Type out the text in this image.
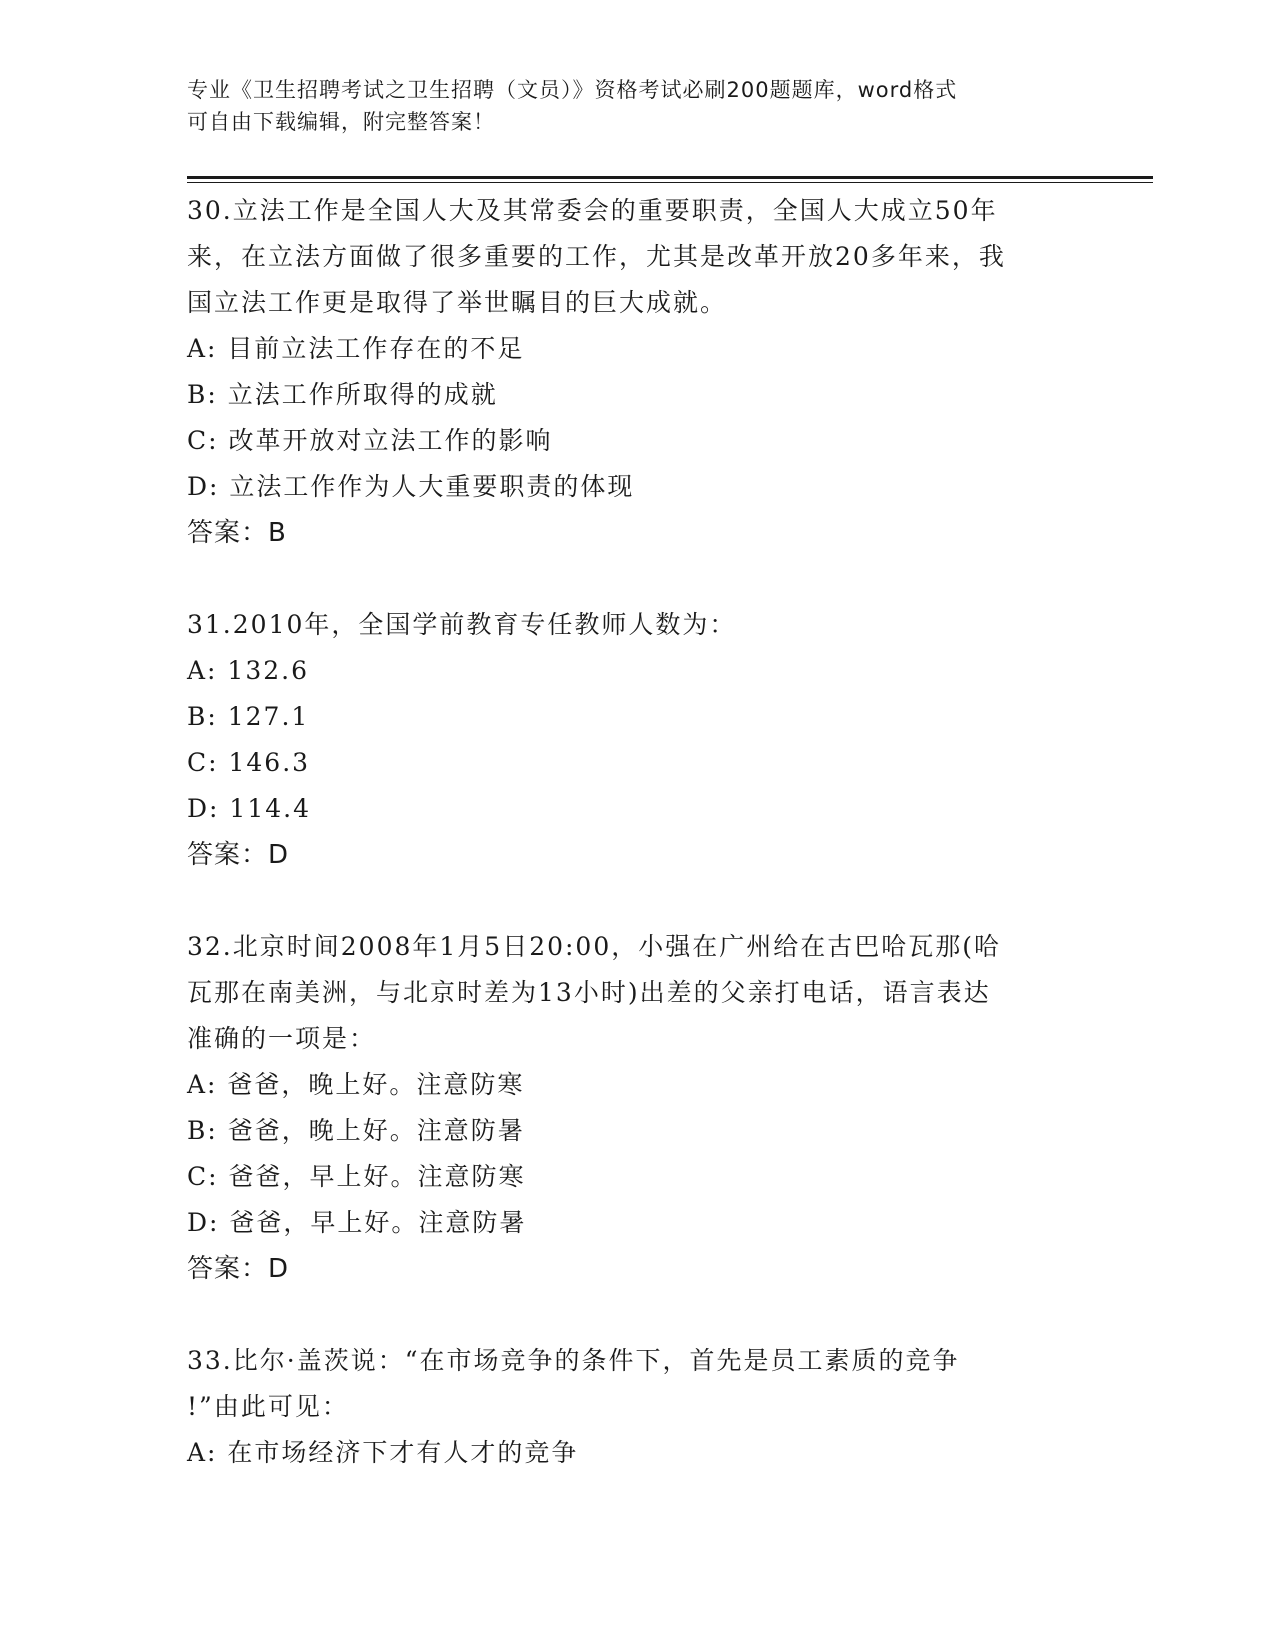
专业《卫生招聘考试之卫生招聘（文员）》资格考试必刷200题题库，word格式
可自由下载编辑，附完整答案！
30.立法工作是全国人大及其常委会的重要职责，全国人大成立50年
来，在立法方面做了很多重要的工作，尤其是改革开放20多年来，我
国立法工作更是取得了举世瞩目的巨大成就。
A: 目前立法工作存在的不足
B: 立法工作所取得的成就
C: 改革开放对立法工作的影响
D: 立法工作作为人大重要职责的体现
答案：B
31.2010年，全国学前教育专任教师人数为：
A: 132.6
B: 127.1
C: 146.3
D: 114.4
答案：D
32.北京时间2008年1月5日20:00，小强在广州给在古巴哈瓦那(哈
瓦那在南美洲，与北京时差为13小时)出差的父亲打电话，语言表达
准确的一项是：
A: 爸爸，晚上好。注意防寒
B: 爸爸，晚上好。注意防暑
C: 爸爸，早上好。注意防寒
D: 爸爸，早上好。注意防暑
答案：D
33.比尔·盖茨说：“在市场竞争的条件下，首先是员工素质的竞争
!”由此可见：
A: 在市场经济下才有人才的竞争
